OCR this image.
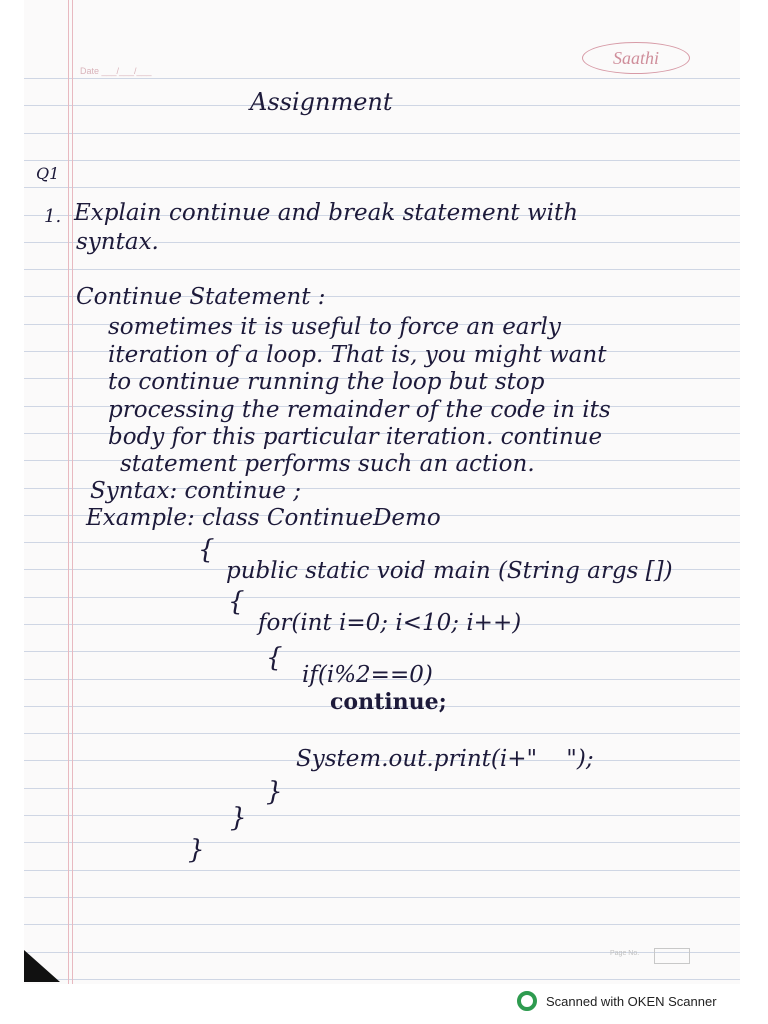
Saathi
Date ___/___/___
Assignment
Q1
1. Explain continue and break statement with
syntax.
Continue Statement :
sometimes it is useful to force an early
iteration of a loop. That is, you might want
to continue running the loop but stop
processing the remainder of the code in its
body for this particular iteration. continue
statement performs such an action.
Syntax: continue ;
Example: class ContinueDemo
{
public static void main (String args [])
{
for(int i=0; i<10; i++)
{
if(i%2==0)
continue;
System.out.print(i+"    ");
}
}
}
Page No.
Scanned with OKEN Scanner
